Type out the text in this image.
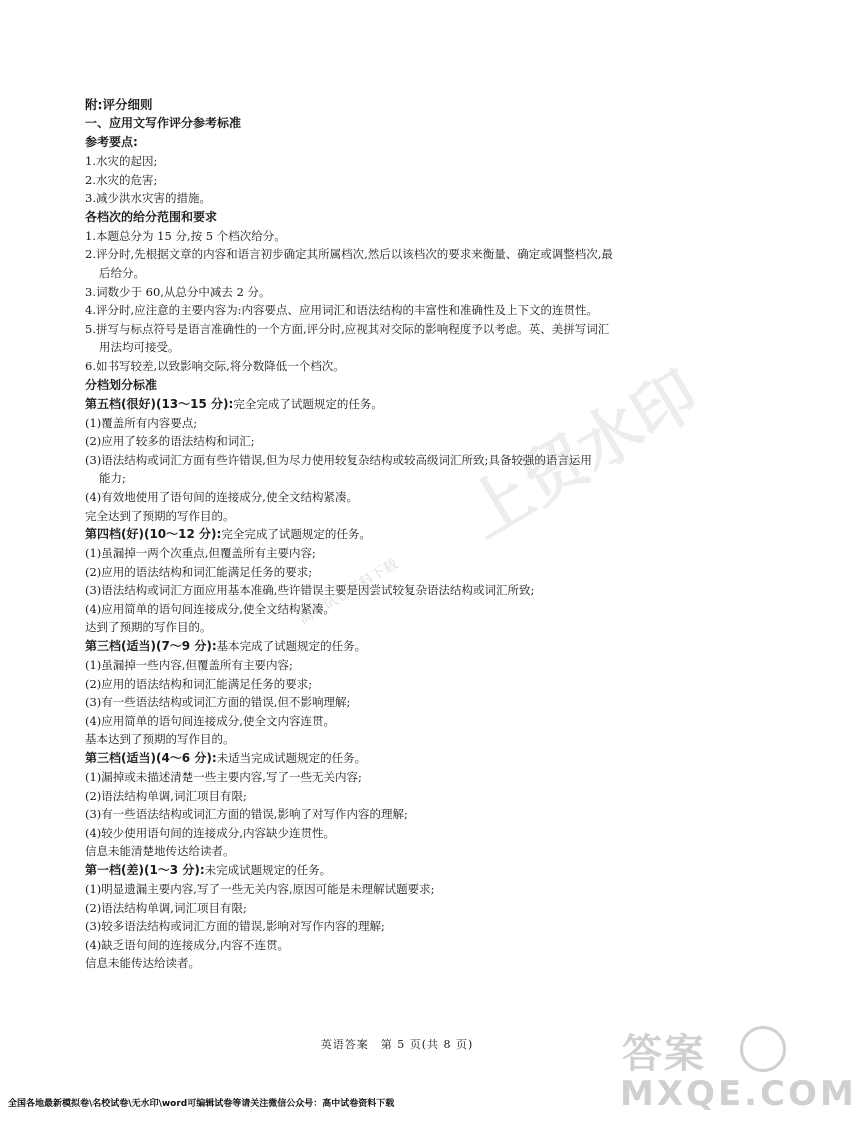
上贸水印
高中试卷资料下载
附:评分细则
一、应用文写作评分参考标准
参考要点:
1.水灾的起因;
2.水灾的危害;
3.减少洪水灾害的措施。
各档次的给分范围和要求
1.本题总分为 15 分,按 5 个档次给分。
2.评分时,先根据文章的内容和语言初步确定其所属档次,然后以该档次的要求来衡量、确定或调整档次,最
后给分。
3.词数少于 60,从总分中减去 2 分。
4.评分时,应注意的主要内容为:内容要点、应用词汇和语法结构的丰富性和准确性及上下文的连贯性。
5.拼写与标点符号是语言准确性的一个方面,评分时,应视其对交际的影响程度予以考虑。英、美拼写词汇
用法均可接受。
6.如书写较差,以致影响交际,将分数降低一个档次。
分档划分标准
第五档(很好)(13～15 分):完全完成了试题规定的任务。
(1)覆盖所有内容要点;
(2)应用了较多的语法结构和词汇;
(3)语法结构或词汇方面有些许错误,但为尽力使用较复杂结构或较高级词汇所致;具备较强的语言运用
能力;
(4)有效地使用了语句间的连接成分,使全文结构紧凑。
完全达到了预期的写作目的。
第四档(好)(10～12 分):完全完成了试题规定的任务。
(1)虽漏掉一两个次重点,但覆盖所有主要内容;
(2)应用的语法结构和词汇能满足任务的要求;
(3)语法结构或词汇方面应用基本准确,些许错误主要是因尝试较复杂语法结构或词汇所致;
(4)应用简单的语句间连接成分,使全文结构紧凑。
达到了预期的写作目的。
第三档(适当)(7～9 分):基本完成了试题规定的任务。
(1)虽漏掉一些内容,但覆盖所有主要内容;
(2)应用的语法结构和词汇能满足任务的要求;
(3)有一些语法结构或词汇方面的错误,但不影响理解;
(4)应用简单的语句间连接成分,使全文内容连贯。
基本达到了预期的写作目的。
第三档(适当)(4～6 分):未适当完成试题规定的任务。
(1)漏掉或未描述清楚一些主要内容,写了一些无关内容;
(2)语法结构单调,词汇项目有限;
(3)有一些语法结构或词汇方面的错误,影响了对写作内容的理解;
(4)较少使用语句间的连接成分,内容缺少连贯性。
信息未能清楚地传达给读者。
第一档(差)(1～3 分):未完成试题规定的任务。
(1)明显遗漏主要内容,写了一些无关内容,原因可能是未理解试题要求;
(2)语法结构单调,词汇项目有限;
(3)较多语法结构或词汇方面的错误,影响对写作内容的理解;
(4)缺乏语句间的连接成分,内容不连贯。
信息未能传达给读者。
英语答案　第 5 页(共 8 页)	答案
MXQE.COM
全国各地最新模拟卷\名校试卷\无水印\word可编辑试卷等请关注微信公众号：高中试卷资料下载
